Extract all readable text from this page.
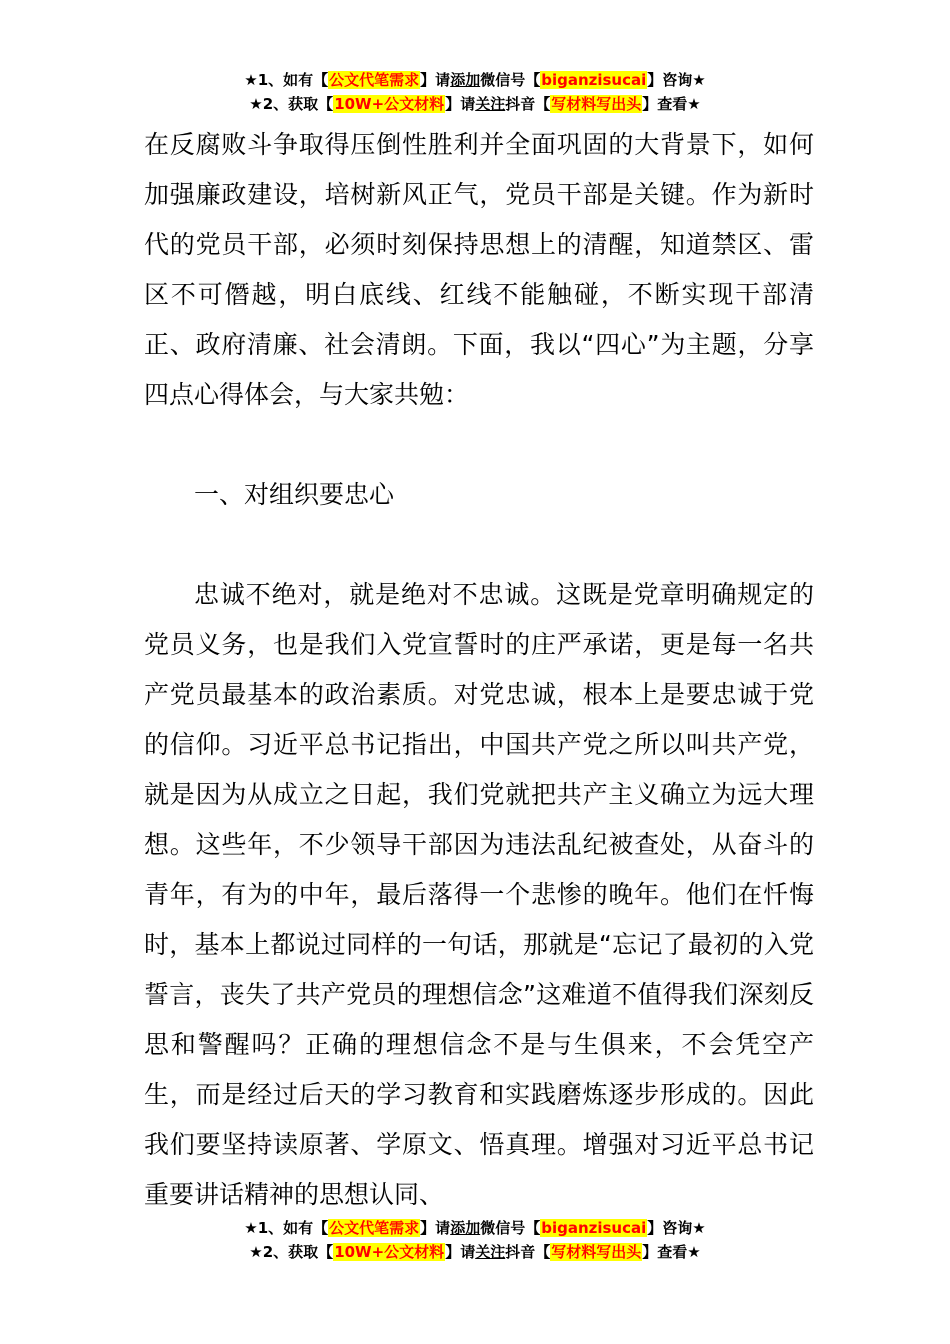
★1、如有【公文代笔需求】请添加微信号【biganzisucai】咨询★
★2、获取【10W+公文材料】请关注抖音【写材料写出头】查看★

在反腐败斗争取得压倒性胜利并全面巩固的大背景下，如何加强廉政建设，培树新风正气，党员干部是关键。作为新时代的党员干部，必须时刻保持思想上的清醒，知道禁区、雷区不可僭越，明白底线、红线不能触碰，不断实现干部清正、政府清廉、社会清朗。下面，我以“四心”为主题，分享四点心得体会，与大家共勉：

一、对组织要忠心

忠诚不绝对，就是绝对不忠诚。这既是党章明确规定的党员义务，也是我们入党宣誓时的庄严承诺，更是每一名共产党员最基本的政治素质。对党忠诚，根本上是要忠诚于党的信仰。习近平总书记指出，中国共产党之所以叫共产党，就是因为从成立之日起，我们党就把共产主义确立为远大理想。这些年，不少领导干部因为违法乱纪被查处，从奋斗的青年，有为的中年，最后落得一个悲惨的晚年。他们在忏悔时，基本上都说过同样的一句话，那就是“忘记了最初的入党誓言，丧失了共产党员的理想信念”这难道不值得我们深刻反思和警醒吗？正确的理想信念不是与生俱来，不会凭空产生，而是经过后天的学习教育和实践磨炼逐步形成的。因此我们要坚持读原著、学原文、悟真理。增强对习近平总书记重要讲话精神的思想认同、

★1、如有【公文代笔需求】请添加微信号【biganzisucai】咨询★
★2、获取【10W+公文材料】请关注抖音【写材料写出头】查看★
